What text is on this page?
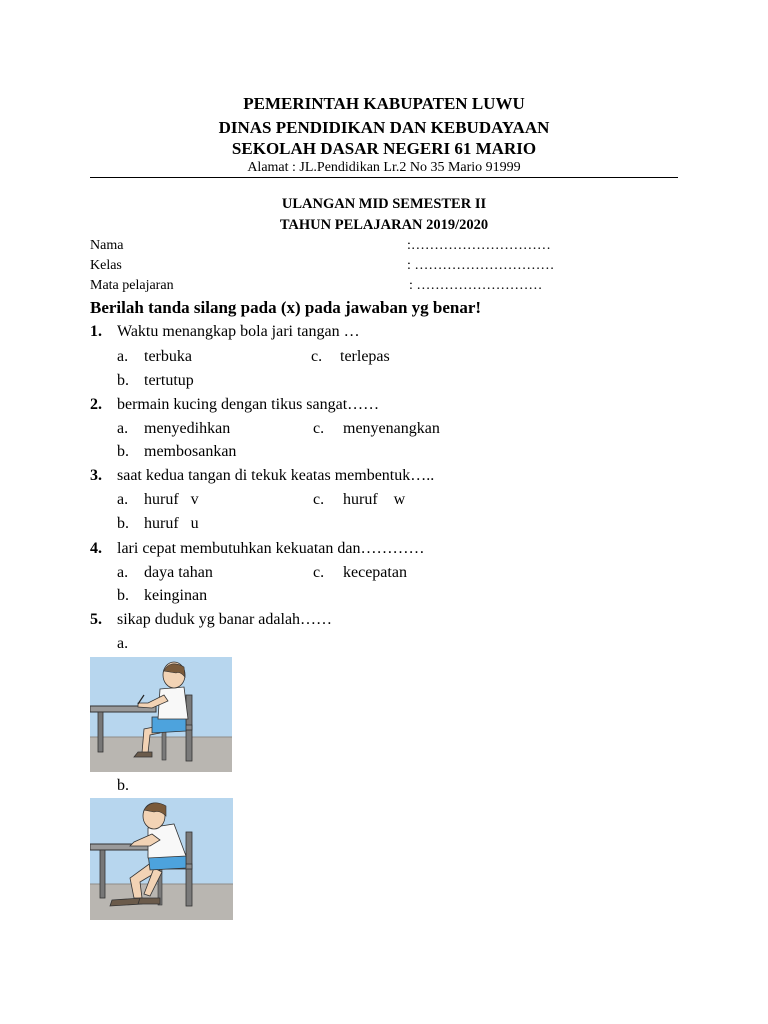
PEMERINTAH KABUPATEN LUWU
DINAS PENDIDIKAN DAN KEBUDAYAAN
SEKOLAH DASAR NEGERI 61 MARIO
Alamat : JL.Pendidikan Lr.2 No 35 Mario 91999
ULANGAN MID SEMESTER II
TAHUN PELAJARAN 2019/2020
Nama	:…………………………
Kelas	: …………………………
Mata pelajaran	: ………………………
Berilah tanda silang pada (x) pada jawaban yg benar!
1. Waktu menangkap bola jari tangan …
a. terbuka	c. terlepas
b. tertutup
2. bermain kucing dengan tikus sangat……
a. menyedihkan	c. menyenangkan
b. membosankan
3. saat kedua tangan di tekuk keatas membentuk…..
a. huruf   v	c. huruf    w
b. huruf   u
4. lari cepat membutuhkan kekuatan dan…………
a. daya tahan	c. kecepatan
b. keinginan
5. sikap duduk yg banar adalah……
a.
b.
